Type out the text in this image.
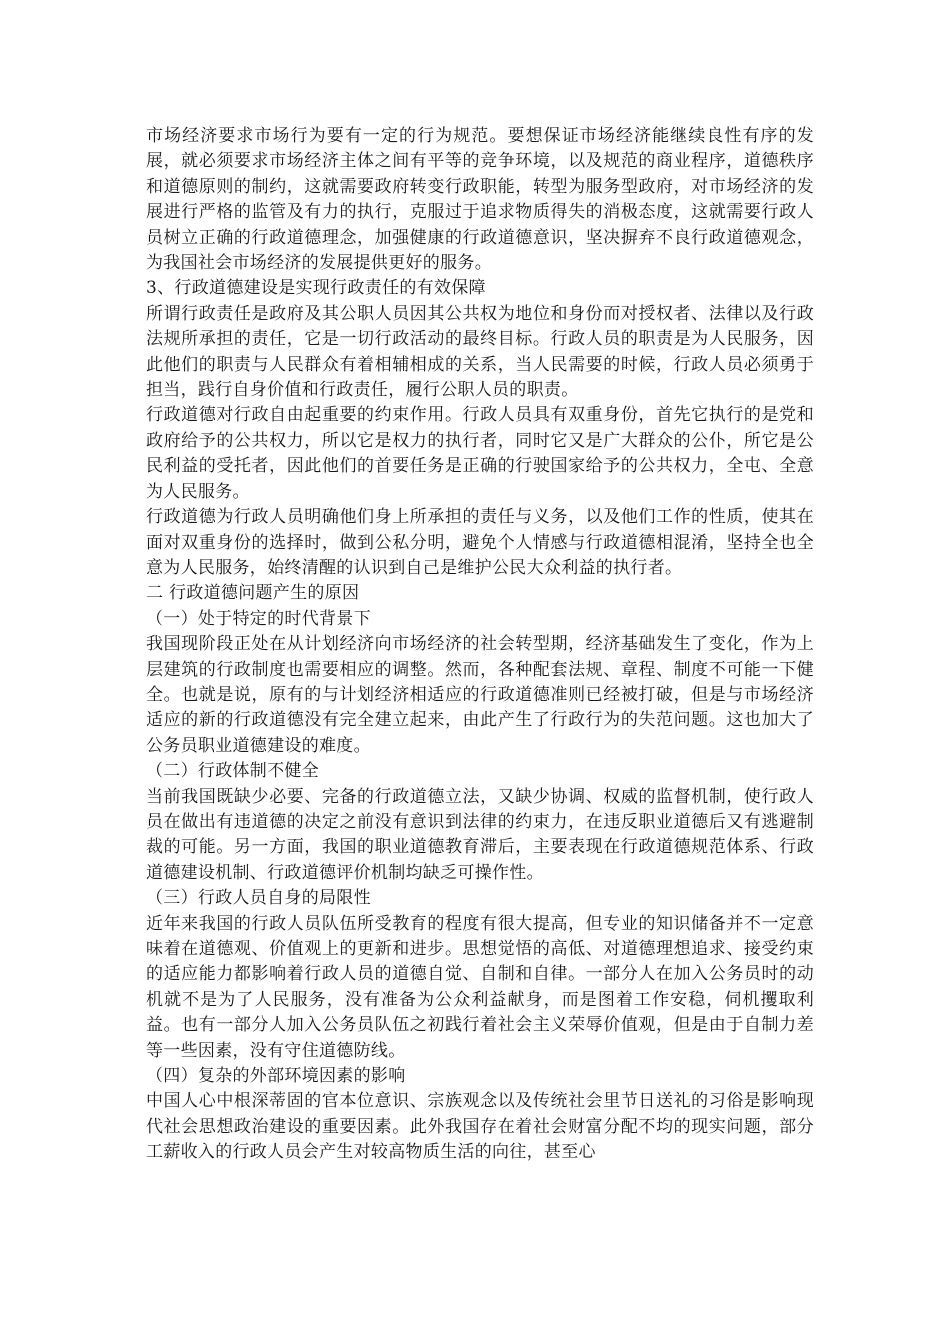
市场经济要求市场行为要有一定的行为规范。要想保证市场经济能继续良性有序的发展，就必须要求市场经济主体之间有平等的竞争环境，以及规范的商业程序，道德秩序和道德原则的制约，这就需要政府转变行政职能，转型为服务型政府，对市场经济的发展进行严格的监管及有力的执行，克服过于追求物质得失的消极态度，这就需要行政人员树立正确的行政道德理念，加强健康的行政道德意识，坚决摒弃不良行政道德观念，为我国社会市场经济的发展提供更好的服务。

3、行政道德建设是实现行政责任的有效保障

所谓行政责任是政府及其公职人员因其公共权为地位和身份而对授权者、法律以及行政法规所承担的责任，它是一切行政活动的最终目标。行政人员的职责是为人民服务，因此他们的职责与人民群众有着相辅相成的关系，当人民需要的时候，行政人员必须勇于担当，践行自身价值和行政责任，履行公职人员的职责。

行政道德对行政自由起重要的约束作用。行政人员具有双重身份，首先它执行的是党和政府给予的公共权力，所以它是权力的执行者，同时它又是广大群众的公仆，所它是公民利益的受托者，因此他们的首要任务是正确的行驶国家给予的公共权力，全屯、全意为人民服务。

行政道德为行政人员明确他们身上所承担的责任与义务，以及他们工作的性质，使其在面对双重身份的选择时，做到公私分明，避免个人情感与行政道德相混淆，坚持全也全意为人民服务，始终清醒的认识到自己是维护公民大众利益的执行者。

二 行政道德问题产生的原因

（一）处于特定的时代背景下

我国现阶段正处在从计划经济向市场经济的社会转型期，经济基础发生了变化，作为上层建筑的行政制度也需要相应的调整。然而，各种配套法规、章程、制度不可能一下健全。也就是说，原有的与计划经济相适应的行政道德准则已经被打破，但是与市场经济适应的新的行政道德没有完全建立起来，由此产生了行政行为的失范问题。这也加大了公务员职业道德建设的难度。

（二）行政体制不健全

当前我国既缺少必要、完备的行政道德立法，又缺少协调、权威的监督机制，使行政人员在做出有违道德的决定之前没有意识到法律的约束力，在违反职业道德后又有逃避制裁的可能。另一方面，我国的职业道德教育滞后，主要表现在行政道德规范体系、行政道德建设机制、行政道德评价机制均缺乏可操作性。

（三）行政人员自身的局限性

近年来我国的行政人员队伍所受教育的程度有很大提高，但专业的知识储备并不一定意味着在道德观、价值观上的更新和进步。思想觉悟的高低、对道德理想追求、接受约束的适应能力都影响着行政人员的道德自觉、自制和自律。一部分人在加入公务员时的动机就不是为了人民服务，没有准备为公众利益献身，而是图着工作安稳，伺机攫取利益。也有一部分人加入公务员队伍之初践行着社会主义荣辱价值观，但是由于自制力差等一些因素，没有守住道德防线。

（四）复杂的外部环境因素的影响

中国人心中根深蒂固的官本位意识、宗族观念以及传统社会里节日送礼的习俗是影响现代社会思想政治建设的重要因素。此外我国存在着社会财富分配不均的现实问题，部分工薪收入的行政人员会产生对较高物质生活的向往，甚至心
